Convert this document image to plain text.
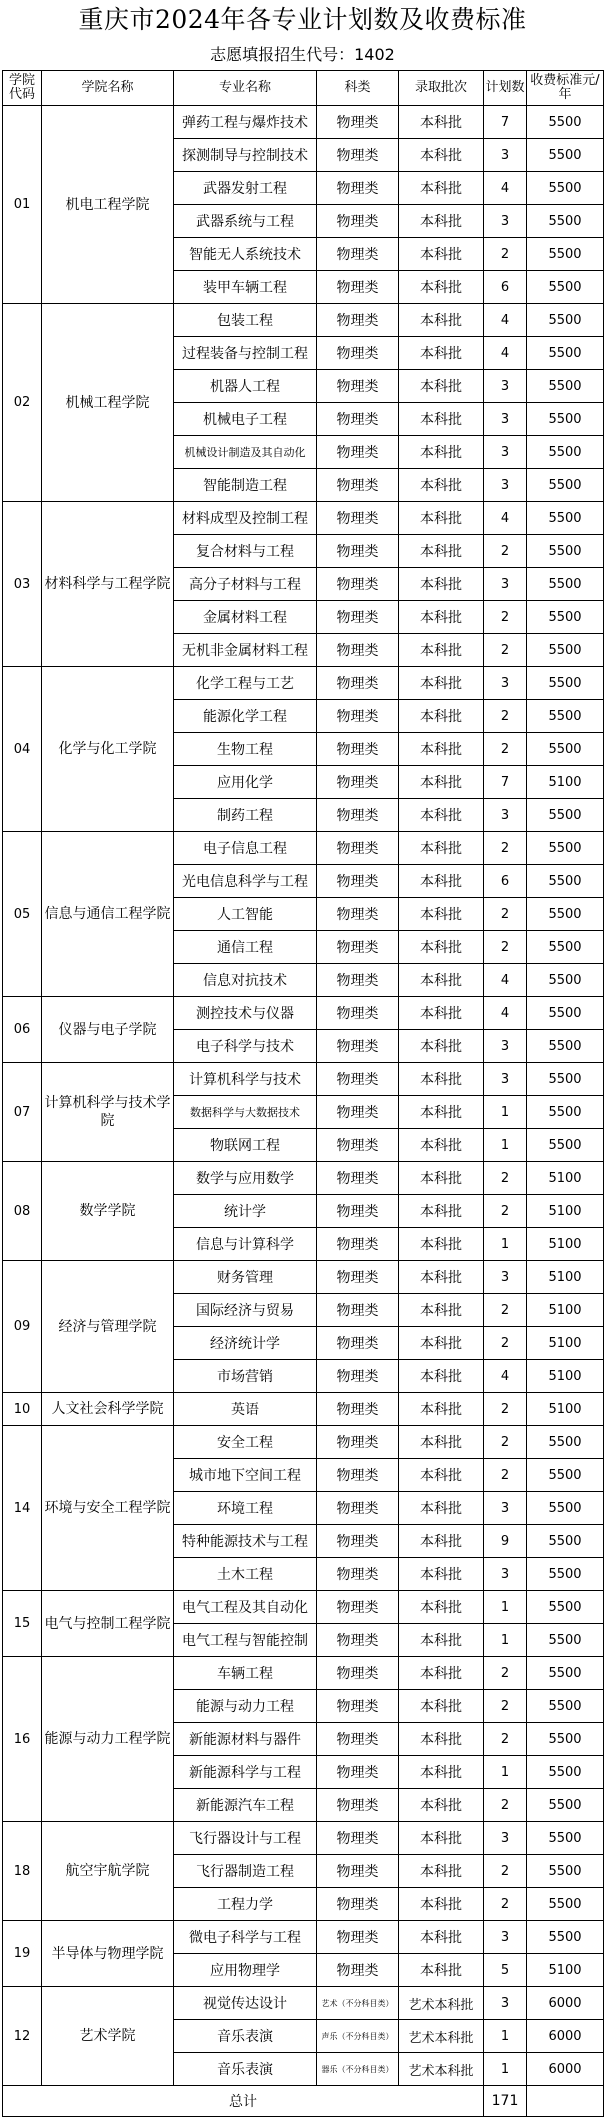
重庆市2024年各专业计划数及收费标准
志愿填报招生代号：1402
学院代码	学院名称	专业名称	科类	录取批次	计划数	收费标准元/年
01	机电工程学院	弹药工程与爆炸技术	物理类	本科批	7	5500
		探测制导与控制技术	物理类	本科批	3	5500
		武器发射工程	物理类	本科批	4	5500
		武器系统与工程	物理类	本科批	3	5500
		智能无人系统技术	物理类	本科批	2	5500
		装甲车辆工程	物理类	本科批	6	5500
02	机械工程学院	包装工程	物理类	本科批	4	5500
		过程装备与控制工程	物理类	本科批	4	5500
		机器人工程	物理类	本科批	3	5500
		机械电子工程	物理类	本科批	3	5500
		机械设计制造及其自动化	物理类	本科批	3	5500
		智能制造工程	物理类	本科批	3	5500
03	材料科学与工程学院	材料成型及控制工程	物理类	本科批	4	5500
		复合材料与工程	物理类	本科批	2	5500
		高分子材料与工程	物理类	本科批	3	5500
		金属材料工程	物理类	本科批	2	5500
		无机非金属材料工程	物理类	本科批	2	5500
04	化学与化工学院	化学工程与工艺	物理类	本科批	3	5500
		能源化学工程	物理类	本科批	2	5500
		生物工程	物理类	本科批	2	5500
		应用化学	物理类	本科批	7	5100
		制药工程	物理类	本科批	3	5500
05	信息与通信工程学院	电子信息工程	物理类	本科批	2	5500
		光电信息科学与工程	物理类	本科批	6	5500
		人工智能	物理类	本科批	2	5500
		通信工程	物理类	本科批	2	5500
		信息对抗技术	物理类	本科批	4	5500
06	仪器与电子学院	测控技术与仪器	物理类	本科批	4	5500
		电子科学与技术	物理类	本科批	3	5500
07	计算机科学与技术学院	计算机科学与技术	物理类	本科批	3	5500
		数据科学与大数据技术	物理类	本科批	1	5500
		物联网工程	物理类	本科批	1	5500
08	数学学院	数学与应用数学	物理类	本科批	2	5100
		统计学	物理类	本科批	2	5100
		信息与计算科学	物理类	本科批	1	5100
09	经济与管理学院	财务管理	物理类	本科批	3	5100
		国际经济与贸易	物理类	本科批	2	5100
		经济统计学	物理类	本科批	2	5100
		市场营销	物理类	本科批	4	5100
10	人文社会科学学院	英语	物理类	本科批	2	5100
14	环境与安全工程学院	安全工程	物理类	本科批	2	5500
		城市地下空间工程	物理类	本科批	2	5500
		环境工程	物理类	本科批	3	5500
		特种能源技术与工程	物理类	本科批	9	5500
		土木工程	物理类	本科批	3	5500
15	电气与控制工程学院	电气工程及其自动化	物理类	本科批	1	5500
		电气工程与智能控制	物理类	本科批	1	5500
16	能源与动力工程学院	车辆工程	物理类	本科批	2	5500
		能源与动力工程	物理类	本科批	2	5500
		新能源材料与器件	物理类	本科批	2	5500
		新能源科学与工程	物理类	本科批	1	5500
		新能源汽车工程	物理类	本科批	2	5500
18	航空宇航学院	飞行器设计与工程	物理类	本科批	3	5500
		飞行器制造工程	物理类	本科批	2	5500
		工程力学	物理类	本科批	2	5500
19	半导体与物理学院	微电子科学与工程	物理类	本科批	3	5500
		应用物理学	物理类	本科批	5	5100
12	艺术学院	视觉传达设计	艺术（不分科目类）	艺术本科批	3	6000
		音乐表演	声乐（不分科目类）	艺术本科批	1	6000
		音乐表演	器乐（不分科目类）	艺术本科批	1	6000
总计					171	
